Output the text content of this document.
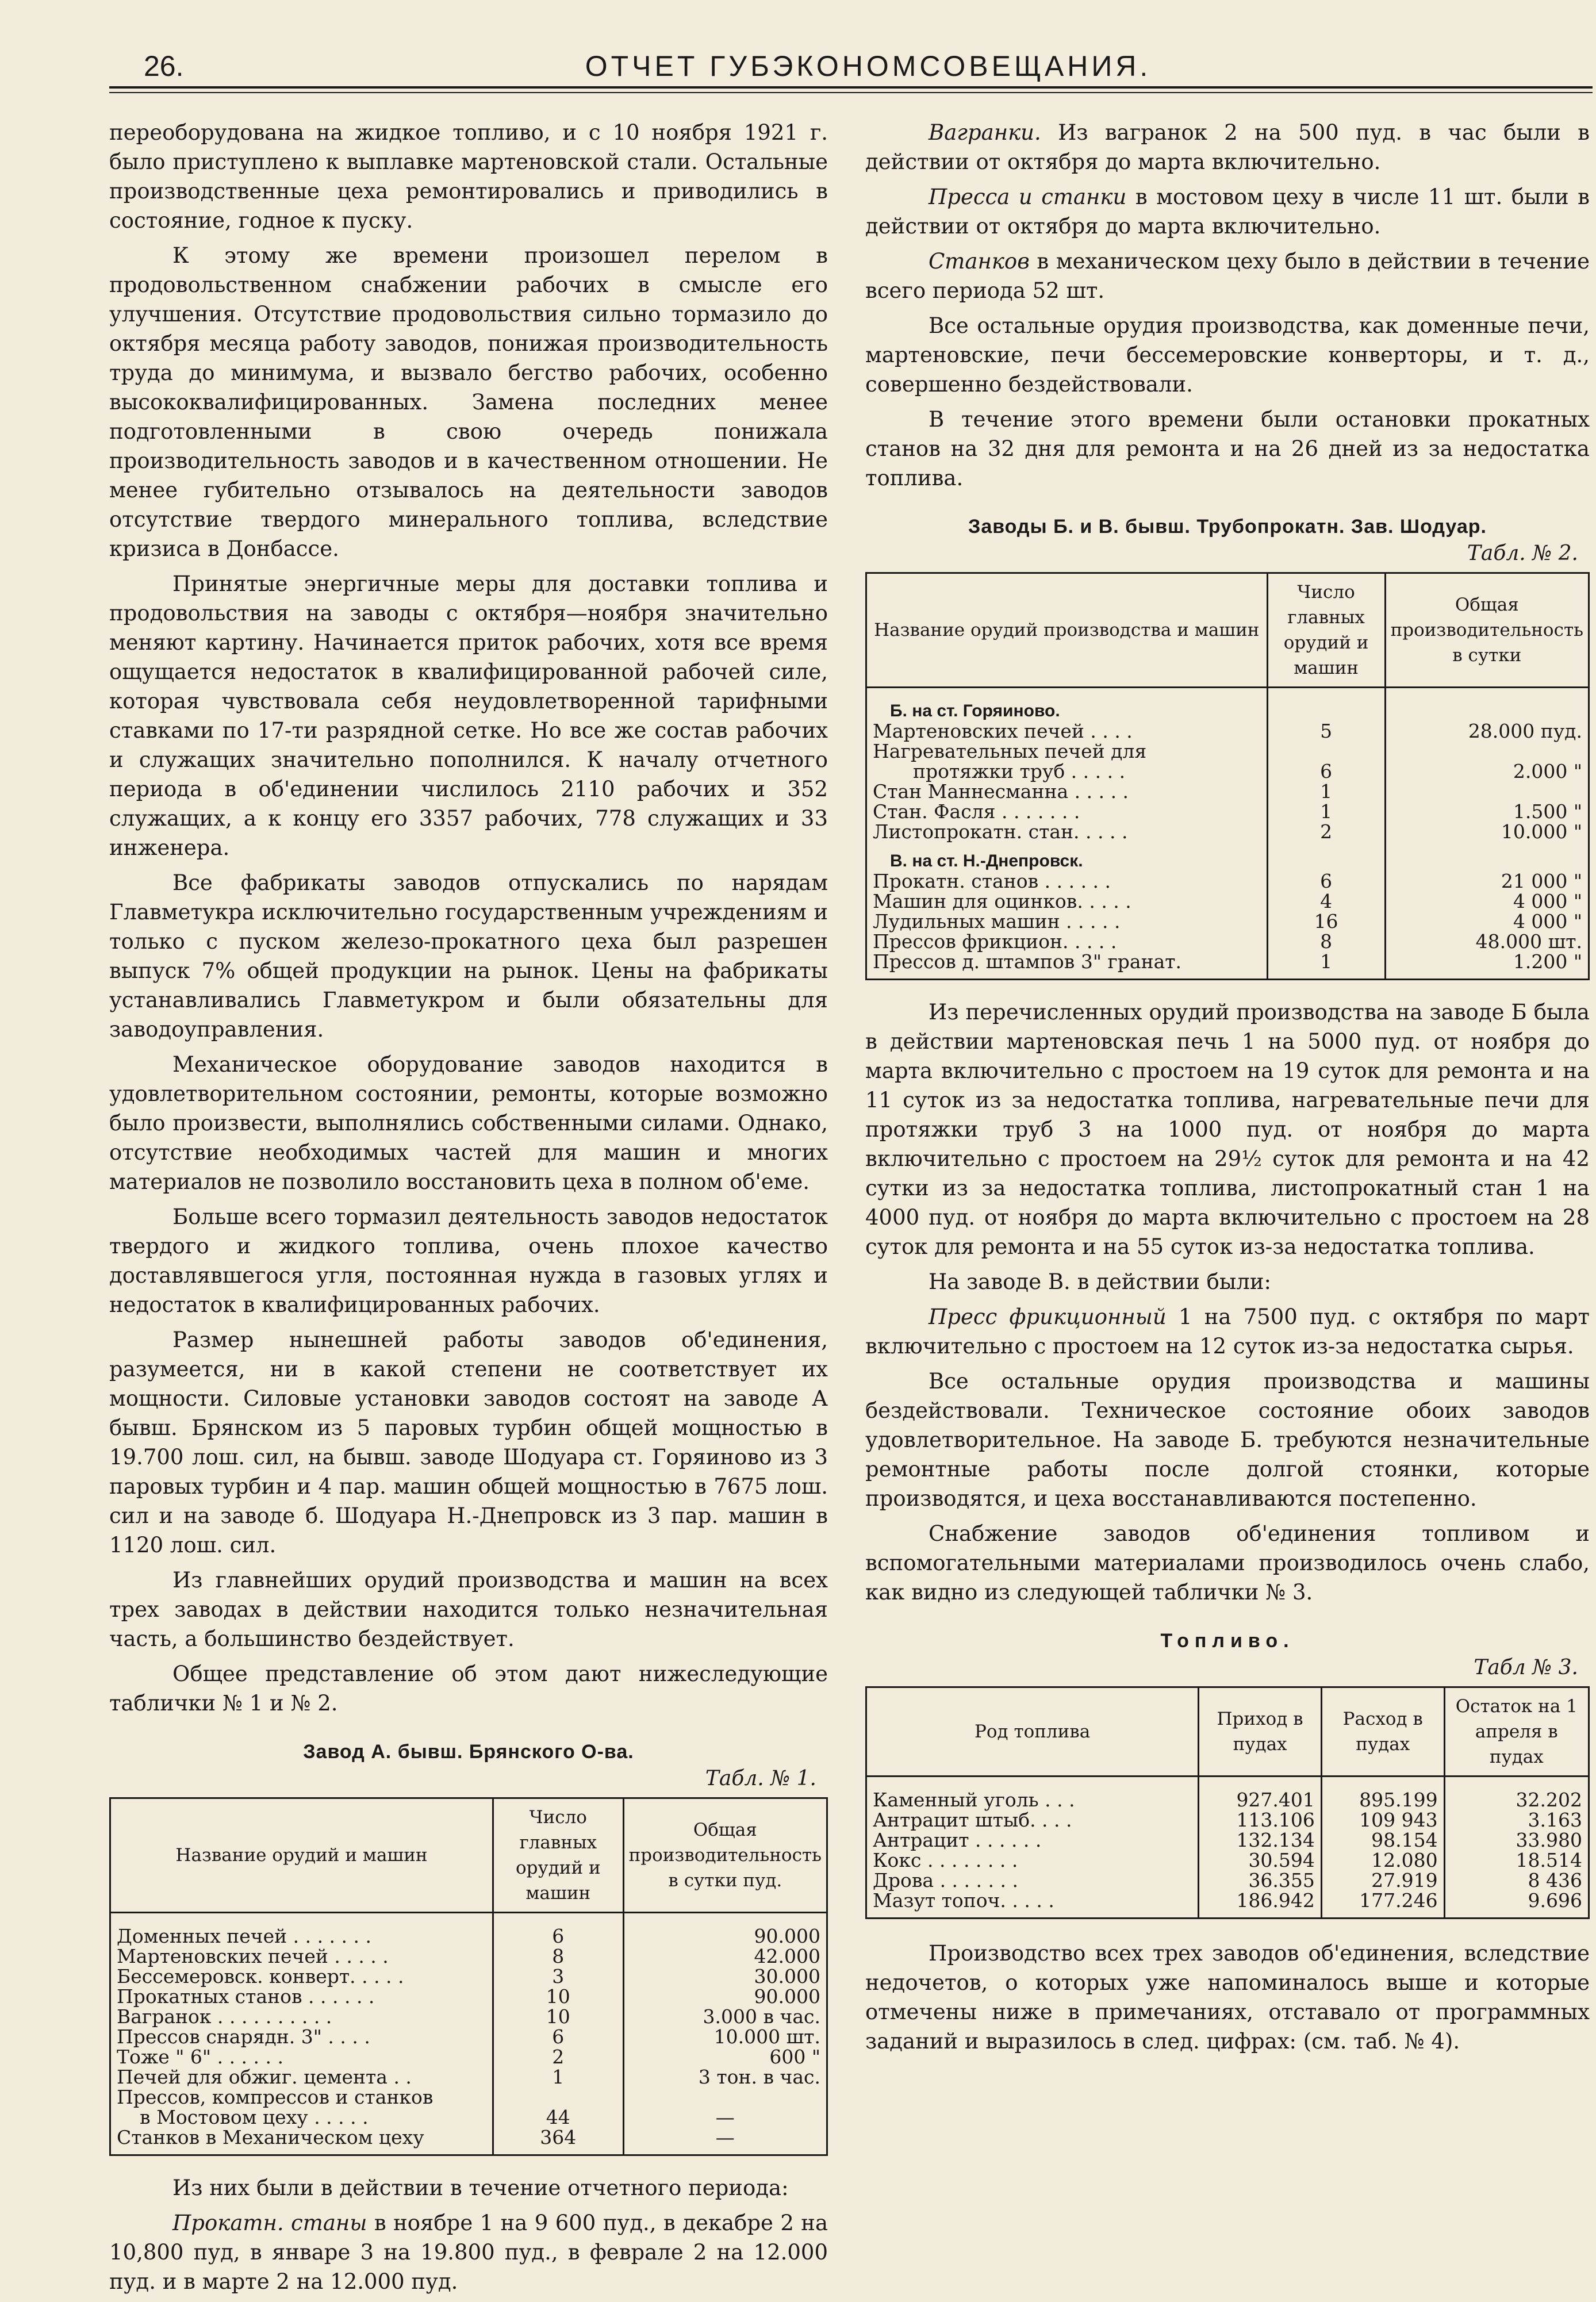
26.	ОТЧЕТ ГУБЭКОНОМСОВЕЩАНИЯ.

переоборудована на жидкое топливо, и с 10 ноября 1921 г. было приступлено к выплавке мартеновской стали. Остальные производственные цеха ремонтировались и приводились в состояние, годное к пуску.

К этому же времени произошел перелом в продовольственном снабжении рабочих в смысле его улучшения. Отсутствие продовольствия сильно тормазило до октября месяца работу заводов, понижая производительность труда до минимума, и вызвало бегство рабочих, особенно высококвалифицированных. Замена последних менее подготовленными в свою очередь понижала производительность заводов и в качественном отношении. Не менее губительно отзывалось на деятельности заводов отсутствие твердого минерального топлива, вследствие кризиса в Донбассе.

Принятые энергичные меры для доставки топлива и продовольствия на заводы с октября—ноября значительно меняют картину. Начинается приток рабочих, хотя все время ощущается недостаток в квалифицированной рабочей силе, которая чувствовала себя неудовлетворенной тарифными ставками по 17-ти разрядной сетке. Но все же состав рабочих и служащих значительно пополнился. К началу отчетного периода в об'единении числилось 2110 рабочих и 352 служащих, а к концу его 3357 рабочих, 778 служащих и 33 инженера.

Все фабрикаты заводов отпускались по нарядам Главметукра исключительно государственным учреждениям и только с пуском железо-прокатного цеха был разрешен выпуск 7% общей продукции на рынок. Цены на фабрикаты устанавливались Главметукром и были обязательны для заводоуправления.

Механическое оборудование заводов находится в удовлетворительном состоянии, ремонты, которые возможно было произвести, выполнялись собственными силами. Однако, отсутствие необходимых частей для машин и многих материалов не позволило восстановить цеха в полном об'еме.

Больше всего тормазил деятельность заводов недостаток твердого и жидкого топлива, очень плохое качество доставлявшегося угля, постоянная нужда в газовых углях и недостаток в квалифицированных рабочих.

Размер нынешней работы заводов об'единения, разумеется, ни в какой степени не соответствует их мощности. Силовые установки заводов состоят на заводе А бывш. Брянском из 5 паровых турбин общей мощностью в 19.700 лош. сил, на бывш. заводе Шодуара ст. Горяиново из 3 паровых турбин и 4 пар. машин общей мощностью в 7675 лош. сил и на заводе б. Шодуара Н.-Днепровск из 3 пар. машин в 1120 лош. сил.

Из главнейших орудий производства и машин на всех трех заводах в действии находится только незначительная часть, а большинство бездействует.

Общее представление об этом дают нижеследующие таблички № 1 и № 2.

Завод А. бывш. Брянского О-ва.
Табл. № 1.
Название орудий и машин	Число главных орудий и машин	Общая производительность в сутки пуд.
Доменных печей . . . . . . .	6	90.000
Мартеновских печей . . . . .	8	42.000
Бессемеровск. конверт. . . . .	3	30.000
Прокатных станов . . . . . .	10	90.000
Вагранок . . . . . . . . . .	10	3.000 в час.
Прессов снарядн. 3" . . . .	6	10.000 шт.
Тоже " 6" . . . . . .	2	600 "
Печей для обжиг. цемента . .	1	3 тон. в час.
Прессов, компрессов и станков		
в Мостовом цеху . . . . .	44	—
Станков в Механическом цеху	364	—

Из них были в действии в течение отчетного периода:

Прокатн. станы в ноябре 1 на 9 600 пуд., в декабре 2 на 10,800 пуд, в январе 3 на 19.800 пуд., в феврале 2 на 12.000 пуд. и в марте 2 на 12.000 пуд.

Вагранки. Из вагранок 2 на 500 пуд. в час были в действии от октября до марта включительно.

Пресса и станки в мостовом цеху в числе 11 шт. были в действии от октября до марта включительно.

Станков в механическом цеху было в действии в течение всего периода 52 шт.

Все остальные орудия производства, как доменные печи, мартеновские, печи бессемеровские конверторы, и т. д., совершенно бездействовали.

В течение этого времени были остановки прокатных станов на 32 дня для ремонта и на 26 дней из за недостатка топлива.

Заводы Б. и В. бывш. Трубопрокатн. Зав. Шодуар.
Табл. № 2.
Название орудий производства и машин	Число главных орудий и машин	Общая производительность в сутки
Б. на ст. Горяиново.		
Мартеновских печей . . . .	5	28.000 пуд.
Нагревательных печей для		
протяжки труб . . . . .	6	2.000 "
Стан Маннесманна . . . . .	1	
Стан. Фасля . . . . . . .	1	1.500 "
Листопрокатн. стан. . . . .	2	10.000 "
В. на ст. Н.-Днепровск.		
Прокатн. станов . . . . . .	6	21 000 "
Машин для оцинков. . . . .	4	4 000 "
Лудильных машин . . . . .	16	4 000 "
Прессов фрикцион. . . . .	8	48.000 шт.
Прессов д. штампов 3" гранат.	1	1.200 "

Из перечисленных орудий производства на заводе Б была в действии мартеновская печь 1 на 5000 пуд. от ноября до марта включительно с простоем на 19 суток для ремонта и на 11 суток из за недостатка топлива, нагревательные печи для протяжки труб 3 на 1000 пуд. от ноября до марта включительно с простоем на 29½ суток для ремонта и на 42 сутки из за недостатка топлива, листопрокатный стан 1 на 4000 пуд. от ноября до марта включительно с простоем на 28 суток для ремонта и на 55 суток из-за недостатка топлива.

На заводе В. в действии были:

Пресс фрикционный 1 на 7500 пуд. с октября по март включительно с простоем на 12 суток из-за недостатка сырья.

Все остальные орудия производства и машины бездействовали. Техническое состояние обоих заводов удовлетворительное. На заводе Б. требуются незначительные ремонтные работы после долгой стоянки, которые производятся, и цеха восстанавливаются постепенно.

Снабжение заводов об'единения топливом и вспомогательными материалами производилось очень слабо, как видно из следующей таблички № 3.

Топливо.
Табл № 3.
Род топлива	Приход в пудах	Расход в пудах	Остаток на 1 апреля в пудах
Каменный уголь . . .	927.401	895.199	32.202
Антрацит штыб. . . .	113.106	109 943	3.163
Антрацит . . . . . .	132.134	98.154	33.980
Кокс . . . . . . . .	30.594	12.080	18.514
Дрова . . . . . . .	36.355	27.919	8 436
Мазут топоч. . . . .	186.942	177.246	9.696

Производство всех трех заводов об'единения, вследствие недочетов, о которых уже напоминалось выше и которые отмечены ниже в примечаниях, отставало от программных заданий и выразилось в след. цифрах: (см. таб. № 4).
